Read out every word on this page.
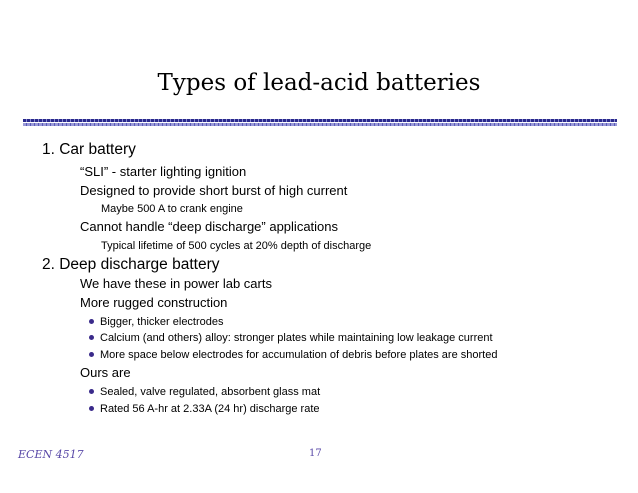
Types of lead-acid batteries
1. Car battery
“SLI” - starter lighting ignition
Designed to provide short burst of high current
Maybe 500 A to crank engine
Cannot handle “deep discharge” applications
Typical lifetime of 500 cycles at 20% depth of discharge
2. Deep discharge battery
We have these in power lab carts
More rugged construction
Bigger, thicker electrodes
Calcium (and others) alloy: stronger plates while maintaining low leakage current
More space below electrodes for accumulation of debris before plates are shorted
Ours are
Sealed, valve regulated, absorbent glass mat
Rated 56 A-hr at 2.33A (24 hr) discharge rate
ECEN 4517	17
